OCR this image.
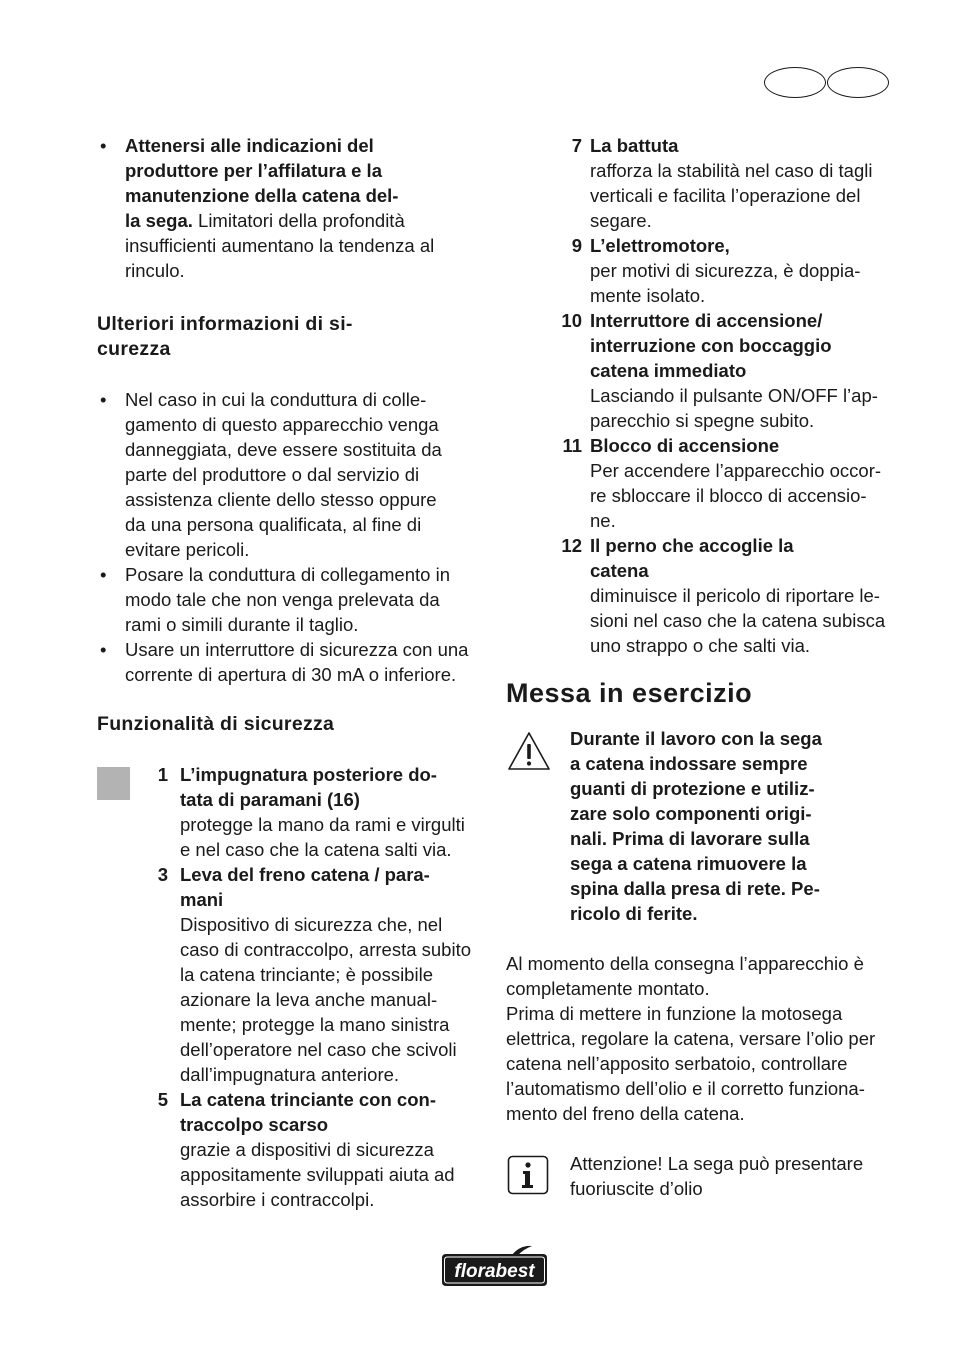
• Attenersi alle indicazioni del
produttore per l’affilatura e la
manutenzione della catena del-
la sega. Limitatori della profondità
insufficienti aumentano la tendenza al
rinculo.
Ulteriori informazioni di si-
curezza
• Nel caso in cui la conduttura di colle-
gamento di questo apparecchio venga
danneggiata, deve essere sostituita da
parte del produttore o dal servizio di
assistenza cliente dello stesso oppure
da una persona qualificata, al fine di
evitare pericoli.
• Posare la conduttura di collegamento in
modo tale che non venga prelevata da
rami o simili durante il taglio.
• Usare un interruttore di sicurezza con una
corrente di apertura di 30 mA o inferiore.
Funzionalità di sicurezza
1 L’impugnatura posteriore do-
tata di paramani (16)
protegge la mano da rami e virgulti
e nel caso che la catena salti via.
3 Leva del freno catena / para-
mani
Dispositivo di sicurezza che, nel
caso di contraccolpo, arresta subito
la catena trinciante; è possibile
azionare la leva anche manual-
mente; protegge la mano sinistra
dell’operatore nel caso che scivoli
dall’impugnatura anteriore.
5 La catena trinciante con con-
traccolpo scarso
grazie a dispositivi di sicurezza
appositamente sviluppati aiuta ad
assorbire i contraccolpi.
7 La battuta
rafforza la stabilità nel caso di tagli
verticali e facilita l’operazione del
segare.
9 L’elettromotore,
per motivi di sicurezza, è doppia-
mente isolato.
10 Interruttore di accensione/
interruzione con boccaggio
catena immediato
Lasciando il pulsante ON/OFF l’ap-
parecchio si spegne subito.
11 Blocco di accensione
Per accendere l’apparecchio occor-
re sbloccare il blocco di accensio-
ne.
12 Il perno che accoglie la
catena
diminuisce il pericolo di riportare le-
sioni nel caso che la catena subisca
uno strappo o che salti via.
Messa in esercizio
Durante il lavoro con la sega
a catena indossare sempre
guanti di protezione e utiliz-
zare solo componenti origi-
nali. Prima di lavorare sulla
sega a catena rimuovere la
spina dalla presa di rete. Pe-
ricolo di ferite.
Al momento della consegna l’apparecchio è
completamente montato.
Prima di mettere in funzione la motosega
elettrica, regolare la catena, versare l’olio per
catena nell’apposito serbatoio, controllare
l’automatismo dell’olio e il corretto funziona-
mento del freno della catena.
Attenzione! La sega può presentare
fuoriuscite d’olio
florabest
